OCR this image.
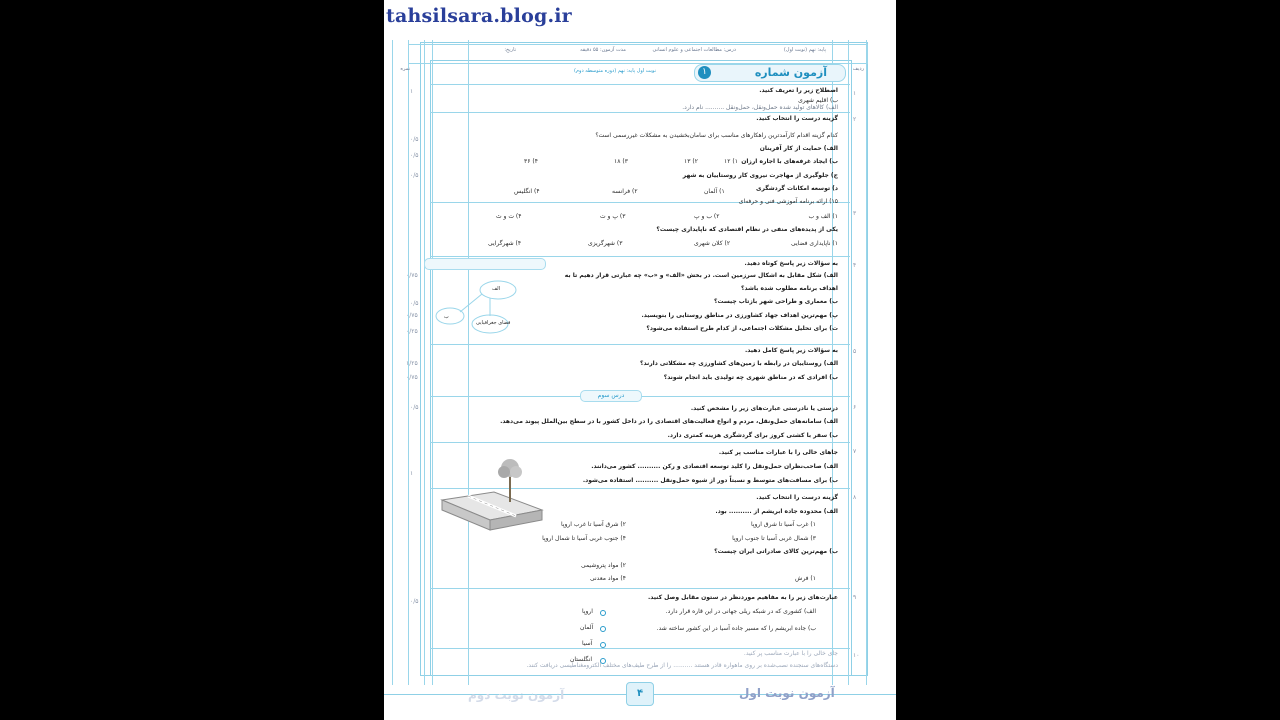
tahsilsara.blog.ir
ردیف
پایه: نهم (نوبت اول)
درس: مطالعات اجتماعی و علوم انسانی
مدت آزمون: ۵۵ دقیقه
تاریخ:
نمره	نوبت اول پایه: نهم (دوره متوسطه دوم)
۱
۲
۳
۴
۵
۶
۷
۸
۹
۱۰
۱
۰/۵
۰/۵
۰/۵
۰/۷۵
۰/۵
۰/۷۵
۰/۲۵
۱/۲۵
۰/۷۵
۰/۵
۱
۰/۵
آزمون شماره
۱
اصطلاح زیر را تعریف کنید.
ب) اقلیم شهری
الف) کالاهای تولید شده حمل‌ونقل، حمل‌ونقل .......... نام دارد.
گزینه درست را انتخاب کنید.
کدام گزینه اقدام کارآمدترین راهکارهای مناسب برای سامان‌بخشیدن به مشکلات غیررسمی است؟
الف) حمایت از کار آفرینان
ب) ایجاد غرفه‌های با اجاره ارزان
۱) ۱۲
۲) ۱۳
۳) ۱۸
۴) ۳۶
ج) جلوگیری از مهاجرت نیروی کار روستاییان به شهر
د) توسعه امکانات گردشگری
۱) آلمان
۲) فرانسه
۴) انگلیس
۱۵) ارائه برنامه آموزشی فنی و حرفه‌ای
۱) الف و ب
۲) ب و پ
۳) پ و ت
۴) ت و ث
یکی از پدیده‌های منفی در نظام اقتصادی که ناپایداری چیست؟
۱) ناپایداری فضایی
۲) کلان شهری
۳) شهرگریزی
۴) شهرگرایی
به سؤالات زیر پاسخ کوتاه دهید.
الف) شکل مقابل به اشکال سرزمین است. در بخش «الف» و «ب» چه عبارتی قرار دهیم تا به
اهداف برنامه مطلوب شده باشد؟
ب) معماری و طراحی شهر بازتاب چیست؟
پ) مهم‌ترین اهداف جهاد کشاورزی در مناطق روستایی را بنویسید.
ت) برای تحلیل مشکلات اجتماعی، از کدام طرح استفاده می‌شود؟
الف
ب
فضای جغرافیایی
به سؤالات زیر پاسخ کامل دهید.
الف) روستاییان در رابطه با زمین‌های کشاورزی چه مشکلاتی دارند؟
ب) افرادی که در مناطق شهری چه تولیدی باید انجام شوند؟
درس سوم
درستی یا نادرستی عبارت‌های زیر را مشخص کنید.
الف) سامانه‌های حمل‌ونقل، مردم و انواع فعالیت‌های اقتصادی را در داخل کشور با در سطح بین‌الملل پیوند می‌دهد.
ب) سفر با کشتی کروز برای گردشگری هزینه کمتری دارد.
جاهای خالی را با عبارات مناسب پر کنید.
الف) صاحب‌نظران حمل‌ونقل را کلید توسعه اقتصادی و رکن .......... کشور می‌دانند.
ب) برای مسافت‌های متوسط و نسبتاً دور از شیوه حمل‌ونقل .......... استفاده می‌شود.
گزینه درست را انتخاب کنید.
الف) محدوده جاده ابریشم از .......... بود.
۱) غرب آسیا تا شرق اروپا
۲) شرق آسیا تا غرب اروپا
۳) شمال غربی آسیا تا جنوب اروپا
۴) جنوب غربی آسیا تا شمال اروپا
ب) مهم‌ترین کالای صادراتی ایران چیست؟
۱) فرش
۲) مواد پتروشیمی
۴) مواد معدنی
عبارت‌های زیر را به مفاهیم موردنظر در ستون مقابل وصل کنید.
الف) کشوری که در شبکه ریلی جهانی در این قاره قرار دارد.
ب) جاده ابریشم را که مسیر جاده آسیا در این کشور ساخته شد.
اروپا
آلمان
آسیا
انگلستان
جای خالی را با عبارت مناسب پر کنید.
دستگاه‌های سنجنده نصب‌شده بر روی ماهواره قادر هستند .......... را از طرح طیف‌های مختلف الکترومغناطیسی دریافت کنند.
آزمون نوبت دوم	۴	آزمون نوبت اول
